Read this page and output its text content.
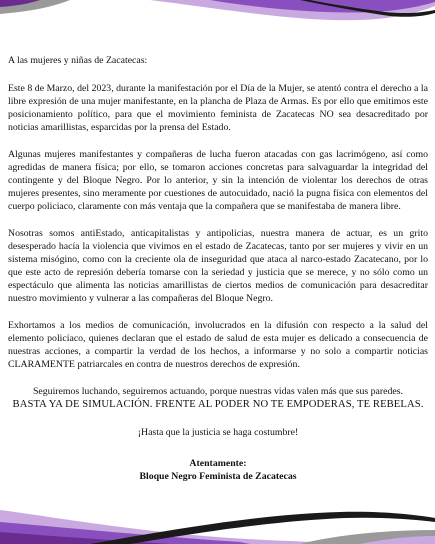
A las mujeres y niñas de Zacatecas:

Este 8 de Marzo, del 2023, durante la manifestación por el Día de la Mujer, se atentó contra el derecho a la libre expresión de una mujer manifestante, en la plancha de Plaza de Armas. Es por ello que emitimos este posicionamiento político, para que el movimiento feminista de Zacatecas NO sea desacreditado por noticias amarillistas, esparcidas por la prensa del Estado.

Algunas mujeres manifestantes y compañeras de lucha fueron atacadas con gas lacrimógeno, así como agredidas de manera física; por ello, se tomaron acciones concretas para salvaguardar la integridad del contingente y del Bloque Negro. Por lo anterior, y sin la intención de violentar los derechos de otras mujeres presentes, sino meramente por cuestiones de autocuidado, nació la pugna física con elementos del cuerpo policiaco, claramente con más ventaja que la compañera que se manifestaba de manera libre.

Nosotras somos antiEstado, anticapitalistas y antipolicias, nuestra manera de actuar, es un grito desesperado hacía la violencia que vivimos en el estado de Zacatecas, tanto por ser mujeres y vivir en un sistema misógino, como con la creciente ola de inseguridad que ataca al narco-estado Zacatecano, por lo que este acto de represión debería tomarse con la seriedad y justicia que se merece, y no sólo como un espectáculo que alimenta las noticias amarillistas de ciertos medios de comunicación para desacreditar nuestro movimiento y vulnerar a las compañeras del Bloque Negro.

Exhortamos a los medios de comunicación, involucrados en la difusión con respecto a la salud del elemento policíaco, quienes declaran que el estado de salud de esta mujer es delicado a consecuencia de nuestras acciones, a compartir la verdad de los hechos, a informarse y no solo a compartir noticias CLARAMENTE patriarcales en contra de nuestros derechos de expresión.

Seguiremos luchando, seguiremos actuando, porque nuestras vidas valen más que sus paredes.
BASTA YA DE SIMULACIÓN. FRENTE AL PODER NO TE EMPODERAS, TE REBELAS.

¡Hasta que la justicia se haga costumbre!

Atentamente:
Bloque Negro Feminista de Zacatecas
